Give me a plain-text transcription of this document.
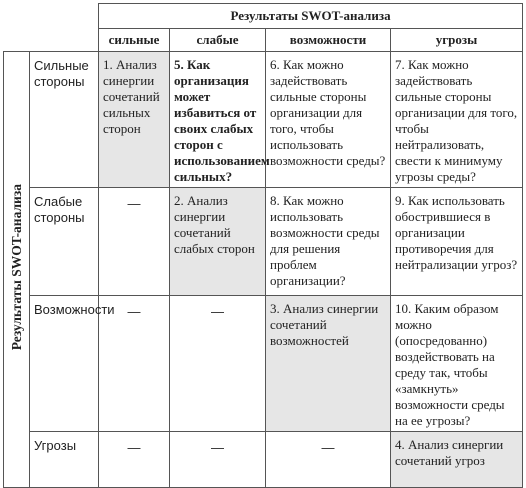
		Результаты SWOT-анализа			
		сильные	слабые	возможности	угрозы
Результаты SWOT-анализа	Сильные стороны	1. Анализ синергии сочетаний сильных сторон	5. Как организация может избавиться от своих слабых сторон с использованием сильных?	6. Как можно задействовать сильные стороны организации для того, чтобы использовать возможности среды?	7. Как можно задействовать сильные стороны организации для того, чтобы нейтрализовать, свести к минимуму угрозы среды?
	Слабые стороны	—	2. Анализ синергии сочетаний слабых сторон	8. Как можно использовать возможности среды для решения проблем организации?	9. Как использовать обострившиеся в организации противоречия для нейтрализации угроз?
	Возможности	—	—	3. Анализ синергии сочетаний возможностей	10. Каким образом можно (опосредованно) воздействовать на среду так, чтобы «замкнуть» возможности среды на ее угрозы?
	Угрозы	—	—	—	4. Анализ синергии сочетаний угроз
